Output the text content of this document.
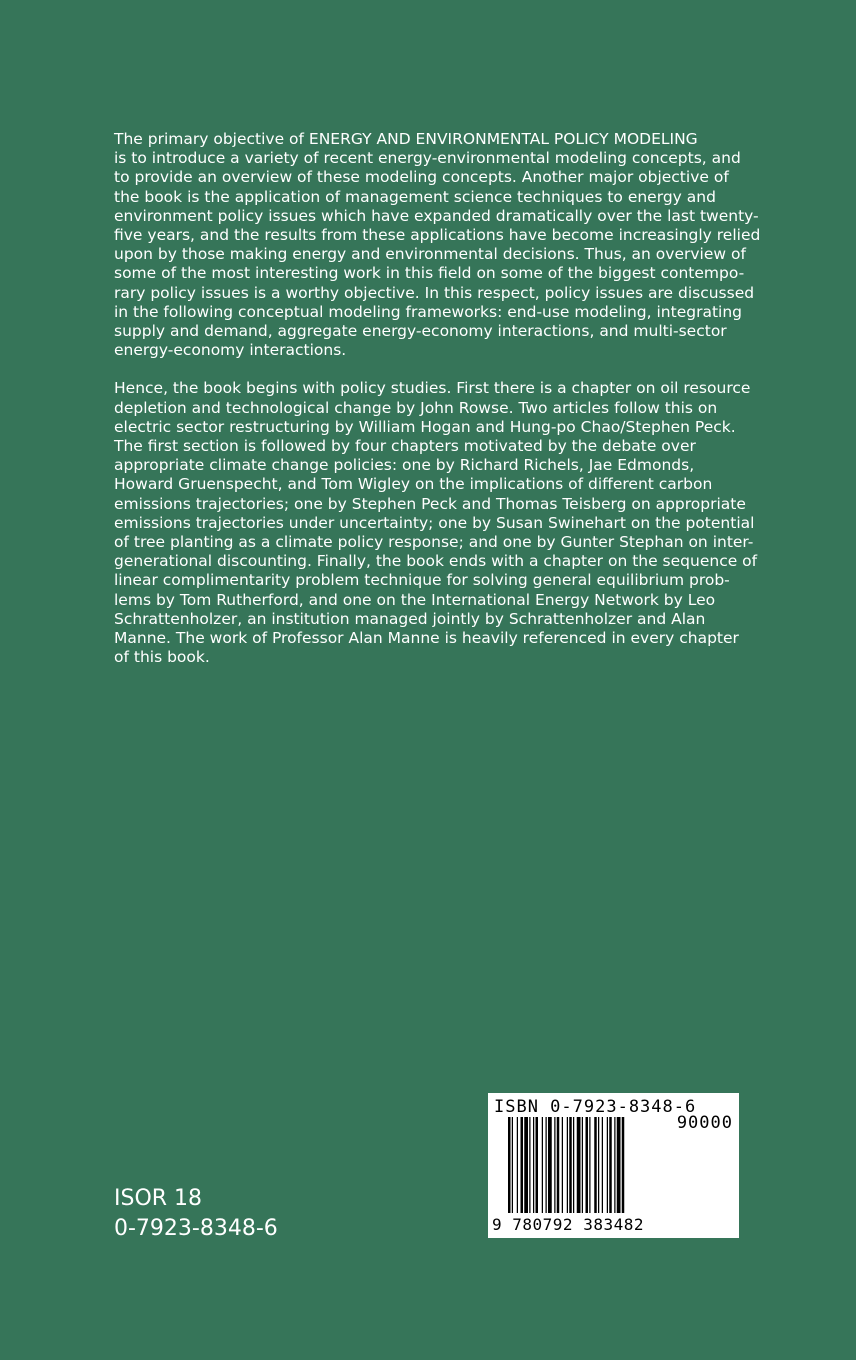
The primary objective of ENERGY AND ENVIRONMENTAL POLICY MODELING
is to introduce a variety of recent energy-environmental modeling concepts, and
to provide an overview of these modeling concepts. Another major objective of
the book is the application of management science techniques to energy and
environment policy issues which have expanded dramatically over the last twenty-
five years, and the results from these applications have become increasingly relied
upon by those making energy and environmental decisions. Thus, an overview of
some of the most interesting work in this field on some of the biggest contempo-
rary policy issues is a worthy objective. In this respect, policy issues are discussed
in the following conceptual modeling frameworks: end-use modeling, integrating
supply and demand, aggregate energy-economy interactions, and multi-sector
energy-economy interactions.
Hence, the book begins with policy studies. First there is a chapter on oil resource
depletion and technological change by John Rowse. Two articles follow this on
electric sector restructuring by William Hogan and Hung-po Chao/Stephen Peck.
The first section is followed by four chapters motivated by the debate over
appropriate climate change policies: one by Richard Richels, Jae Edmonds,
Howard Gruenspecht, and Tom Wigley on the implications of different carbon
emissions trajectories; one by Stephen Peck and Thomas Teisberg on appropriate
emissions trajectories under uncertainty; one by Susan Swinehart on the potential
of tree planting as a climate policy response; and one by Gunter Stephan on inter-
generational discounting. Finally, the book ends with a chapter on the sequence of
linear complimentarity problem technique for solving general equilibrium prob-
lems by Tom Rutherford, and one on the International Energy Network by Leo
Schrattenholzer, an institution managed jointly by Schrattenholzer and Alan
Manne. The work of Professor Alan Manne is heavily referenced in every chapter
of this book.
ISOR 18
0-7923-8348-6
ISBN 0-7923-8348-6
90000
9 780792 383482
